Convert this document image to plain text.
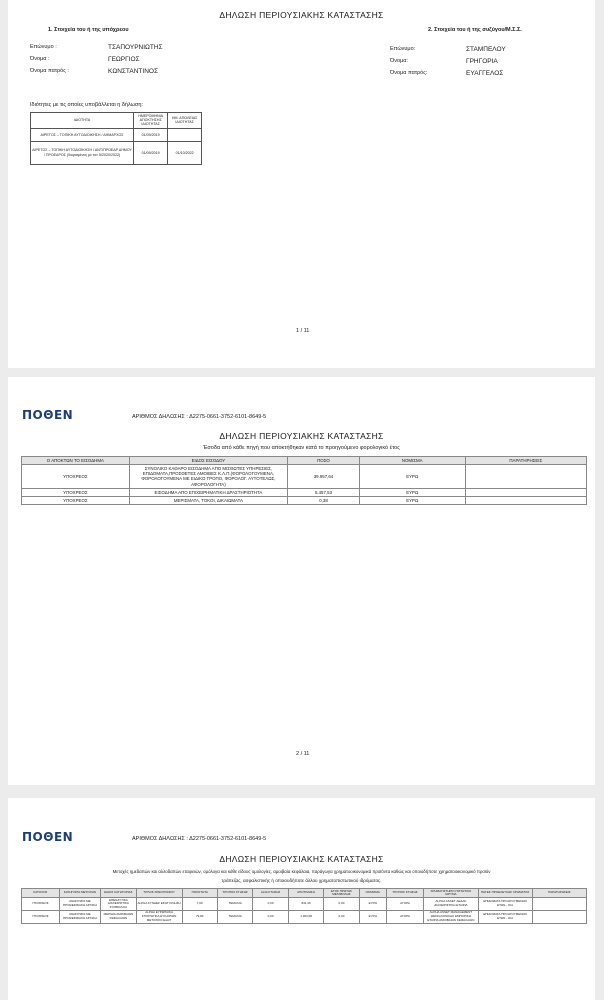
ΔΗΛΩΣΗ ΠΕΡΙΟΥΣΙΑΚΗΣ ΚΑΤΑΣΤΑΣΗΣ
1. Στοιχεία του ή της υπόχρεου	2. Στοιχεία του ή της συζύγου/Μ.Σ.Σ.
Επώνυμο :	ΤΣΑΠΟΥΡΝΙΩΤΗΣ
Όνομα :	ΓΕΩΡΓΙΟΣ
Όνομα πατρός :	ΚΩΝΣΤΑΝΤΙΝΟΣ
Επώνυμο:	ΣΤΑΜΠΕΛΟΥ
Όνομα:	ΓΡΗΓΟΡΙΑ
Όνομα πατρός:	ΕΥΑΓΓΕΛΟΣ
Ιδιότητες με τις οποίες υποβάλλεται η δήλωση:
ΙΔΙΟΤΗΤΑ	ΗΜΕΡΟΜΗΝΙΑ ΑΠΟΚΤΗΣΗΣ ΙΔΙΟΤΗΤΑΣ	ΗΜ. ΑΠΩΛΕΙΑΣ ΙΔΙΟΤΗΤΑΣ
ΑΙΡΕΤΟΣ – ΤΟΠΙΚΗ ΑΥΤΟΔΙΟΙΚΗΣΗ / ΔΗΜΑΡΧΟΣ	01/09/2019	
ΑΙΡΕΤΟΣ – ΤΟΠΙΚΗ ΑΥΤΟΔΙΟΙΚΗΣΗ / ΑΝΤΙΠΡΟΕΔΡ ΔΗΜΟΥ / ΠΡΟΕΔΡΟΣ (διορισμένος με τον 5/2020/2022)	01/09/2019	01/10/2022
1 / 11
ΠΟΘΕΝ	ΑΡΙΘΜΟΣ ΔΗΛΩΣΗΣ : Δ2275-0661-3752-6101-8649-5
ΔΗΛΩΣΗ ΠΕΡΙΟΥΣΙΑΚΗΣ ΚΑΤΑΣΤΑΣΗΣ
Έσοδα από κάθε πηγή που αποκτήθηκαν κατά το προηγούμενο φορολογικό έτος
Ο ΑΠΟΚΤΩΝ ΤΟ ΕΙΣΟΔΗΜΑ	ΕΙΔΟΣ ΕΙΣΟΔΟΥ	ΠΟΣΟ	ΝΟΜΙΣΜΑ	ΠΑΡΑΤΗΡΗΣΕΙΣ
ΥΠΟΧΡΕΟΣ	ΣΥΝΟΛΙΚΟ ΚΑΘΑΡΟ ΕΙΣΟΔΗΜΑ ΑΠΟ ΜΙΣΘΩΤΕΣ ΥΠΗΡΕΣΙΕΣ, ΕΠΙΔΟΜΑΤΑ,ΠΡΟΣΘΕΤΕΣ ΑΜΟΙΒΕΣ Κ.Λ.Π.(ΦΟΡΟΛΟΓΟΥΜΕΝΑ, ΦΟΡΟΛΟΓΟΥΜΕΝΑ ΜΕ ΕΙΔΙΚΟ ΤΡΟΠΟ, ΦΟΡΟΛΟΓ. ΑΥΤΟΤΕΛΩΣ, ΑΦΟΡΟΛΟΓΗΤΑ)	39.957,64	ΕΥΡΩ	
ΥΠΟΧΡΕΟΣ	ΕΙΣΟΔΗΜΑ ΑΠΟ ΕΠΙΧΕΙΡΗΜΑΤΙΚΗ ΔΡΑΣΤΗΡΙΟΤΗΤΑ	5.457,53	ΕΥΡΩ	
ΥΠΟΧΡΕΟΣ	ΜΕΡΙΣΜΑΤΑ, ΤΟΚΟΙ, ΔΙΚΑΙΩΜΑΤΑ	0,38	ΕΥΡΩ	
2 / 11
ΠΟΘΕΝ	ΑΡΙΘΜΟΣ ΔΗΛΩΣΗΣ : Δ2275-0661-3752-6101-8649-5
ΔΗΛΩΣΗ ΠΕΡΙΟΥΣΙΑΚΗΣ ΚΑΤΑΣΤΑΣΗΣ
Μετοχές ημεδαπών και αλλοδαπών εταιρειών, ομόλογα και κάθε είδους ομολογίες, αμοιβαία κεφάλαια, παράγωγα χρηματοοικονομικά προϊόντα καθώς και οποιοδήποτε χρηματοοικονομικό προϊόν
τράπεζας, ασφαλιστικής ή οποιουδήποτε άλλου χρηματοπιστωτικού ιδρύματος.
ΚΑΤΟΧΟΣ	ΚΑΤΗΓΟΡΙΑ ΜΕΤΟΧΩΝ	ΕΙΔΟΣ ΚΑΤΗΓΟΡΙΑΣ	ΤΙΤΛΟΣ ΧΡΕΟΓΡΑΦΟΥ	ΠΟΣΟΤΗΤΑ	ΤΡΟΠΟΣ ΚΤΗΣΗΣ	ΑΞΙΑ ΚΤΗΣΗΣ	ΑΠΟΤΙΜΗΣΗ	ΕΤΟΣ ΠΡΩΤΗΣ ΜΕΤΑΒΟΛΗΣ	ΝΟΜΙΣΜΑ	ΤΡΟΠΟΣ ΚΤΗΣΗΣ	ΧΡΗΜΑΤΙΣΤΗΡΙΟ ΠΙΣΤΩΤΙΚΟ ΙΔΡΥΜΑ	ΠΗΓΕΣ ΠΡΟΕΛΕΥΣΗΣ ΧΡΗΜΑΤΟΣ	ΠΑΡΑΤΗΡΗΣΕΙΣ
ΥΠΟΧΡΕΟΣ	ΑΝΩΝΥΜΟΙ ΜΕ ΠΡΟΘΕΣΜΙΑΚΗ ΑΡΧΙΚΗ	ΕΠΕΝΔΥΤΙΚΑ ΔΙΑΧΕΙΡΙΣΤΙΚΑ ΣΥΜΒΟΛΑΙΑ	ALPHA ΣΥΝΔΕΣ ΕΣΩΤ ΚΙΝΗΣΗ	7,00	ΤΕΜΑΧΙΑ	0,00	841,36	0,00	ΕΥΡΩ	ΑΓΟΡΑ	ALPHA ASSET ΑΕΔΑΚ ΔΙΑΧΕΙΡΙΣΤΙΚΗ ΕΤΑΙΡΙΑ	ΕΠΙΔΟΜΑΤΑ ΠΡΟΗΓΟΥΜΕΝΩΝ ΕΤΩΝ - ΟΙΑ	
ΥΠΟΧΡΕΟΣ	ΑΝΩΝΥΜΟΙ ΜΕ ΠΡΟΘΕΣΜΙΑΚΗ ΑΡΧΙΚΗ	ΜΕΡΙΔΙΑ ΑΜΟΙΒΑΙΩΝ ΚΕΦΑΛΑΙΩΝ	ALPHA ΕΥΡΩΠΑΙΚΑ ΣΤΡΑΤΗΓΙΚΑ ΕΥΚΑΙΡΙΩΝ ΜΕΤΟΧΙΚΟ ΕΞΩΤ	79,83	ΤΕΜΑΧΙΑ	0,00	1.303,68	0,00	ΕΥΡΩ	ΑΓΟΡΑ	ALPHA ASSET MANAGEMENT ΘΕΣΣΑΛΟΝΙΚΗΣ ΕΜΠΟΡΙΚΗ ΕΤΑΙΡΙΑ ΑΜΟΙΒΑΙΩΝ ΚΕΦΑΛΑΙΩΝ	ΕΠΙΔΟΜΑΤΑ ΠΡΟΗΓΟΥΜΕΝΩΝ ΕΤΩΝ - ΟΙΑ	
